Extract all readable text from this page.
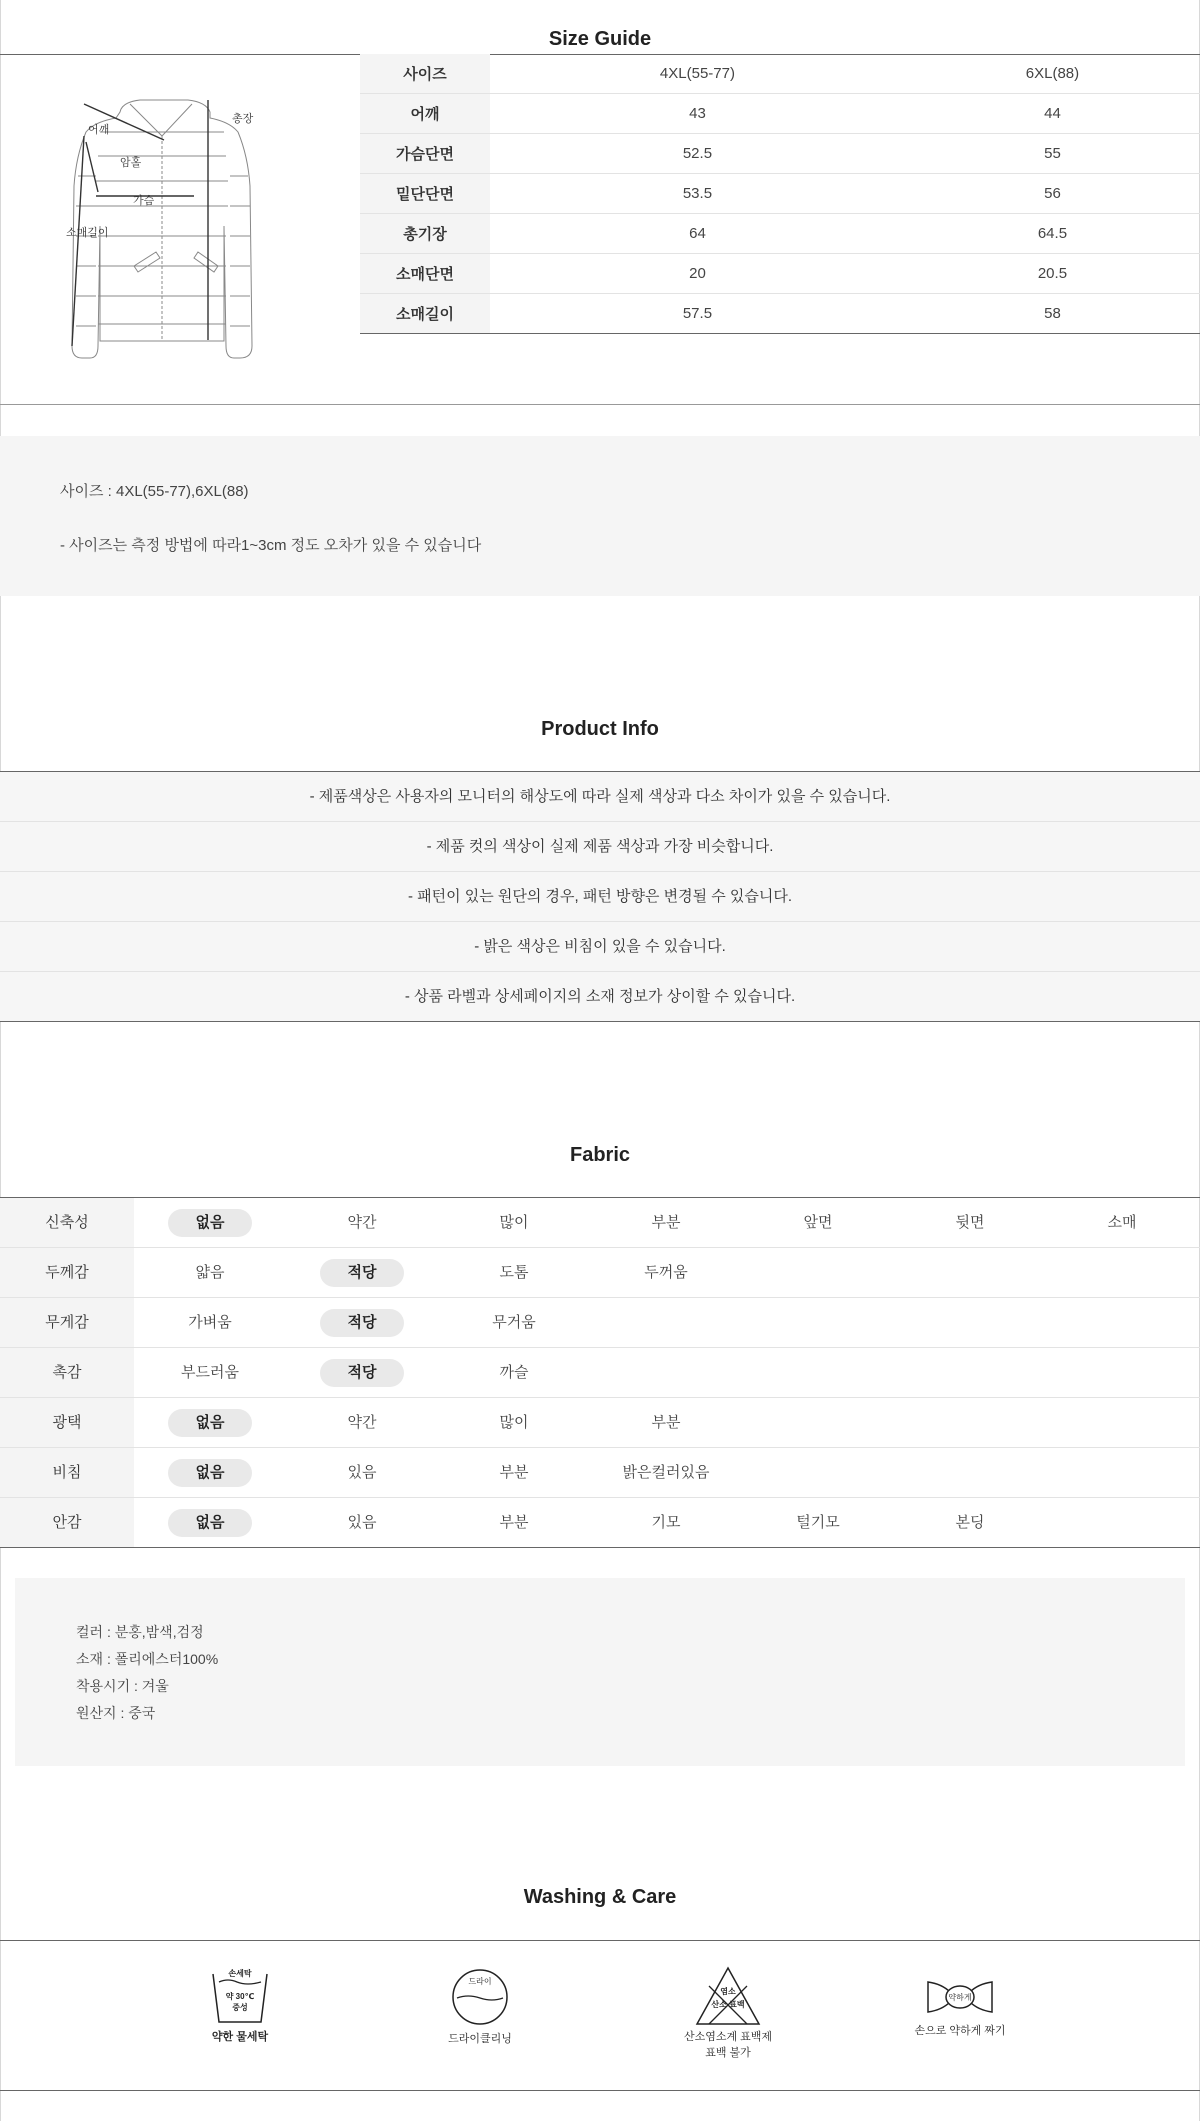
Size Guide
어깨
총장
암홀
가슴
소매길이
사이즈	4XL(55-77)	6XL(88)
어깨	43	44
가슴단면	52.5	55
밑단단면	53.5	56
총기장	64	64.5
소매단면	20	20.5
소매길이	57.5	58
사이즈 : 4XL(55-77),6XL(88)
- 사이즈는 측정 방법에 따라1~3cm 정도 오차가 있을 수 있습니다
Product Info
- 제품색상은 사용자의 모니터의 해상도에 따라 실제 색상과 다소 차이가 있을 수 있습니다.
- 제품 컷의 색상이 실제 제품 색상과 가장 비슷합니다.
- 패턴이 있는 원단의 경우, 패턴 방향은 변경될 수 있습니다.
- 밝은 색상은 비침이 있을 수 있습니다.
- 상품 라벨과 상세페이지의 소재 정보가 상이할 수 있습니다.
Fabric
신축성	없음	약간	많이	부분	앞면	뒷면	소매
두께감	얇음	적당	도톰	두꺼움
무게감	가벼움	적당	무거움
촉감	부드러움	적당	까슬
광택	없음	약간	많이	부분
비침	없음	있음	부분	밝은컬러있음
안감	없음	있음	부분	기모	털기모	본딩
컬러 : 분홍,밤색,검정
소재 : 폴리에스터100%
착용시기 : 겨울
원산지 : 중국
Washing & Care
손세탁
약 30℃
중성
약한 물세탁
드라이
드라이클리닝
염소
산소 표백
산소염소계 표백제
표백 불가
약하게
손으로 약하게 짜기
